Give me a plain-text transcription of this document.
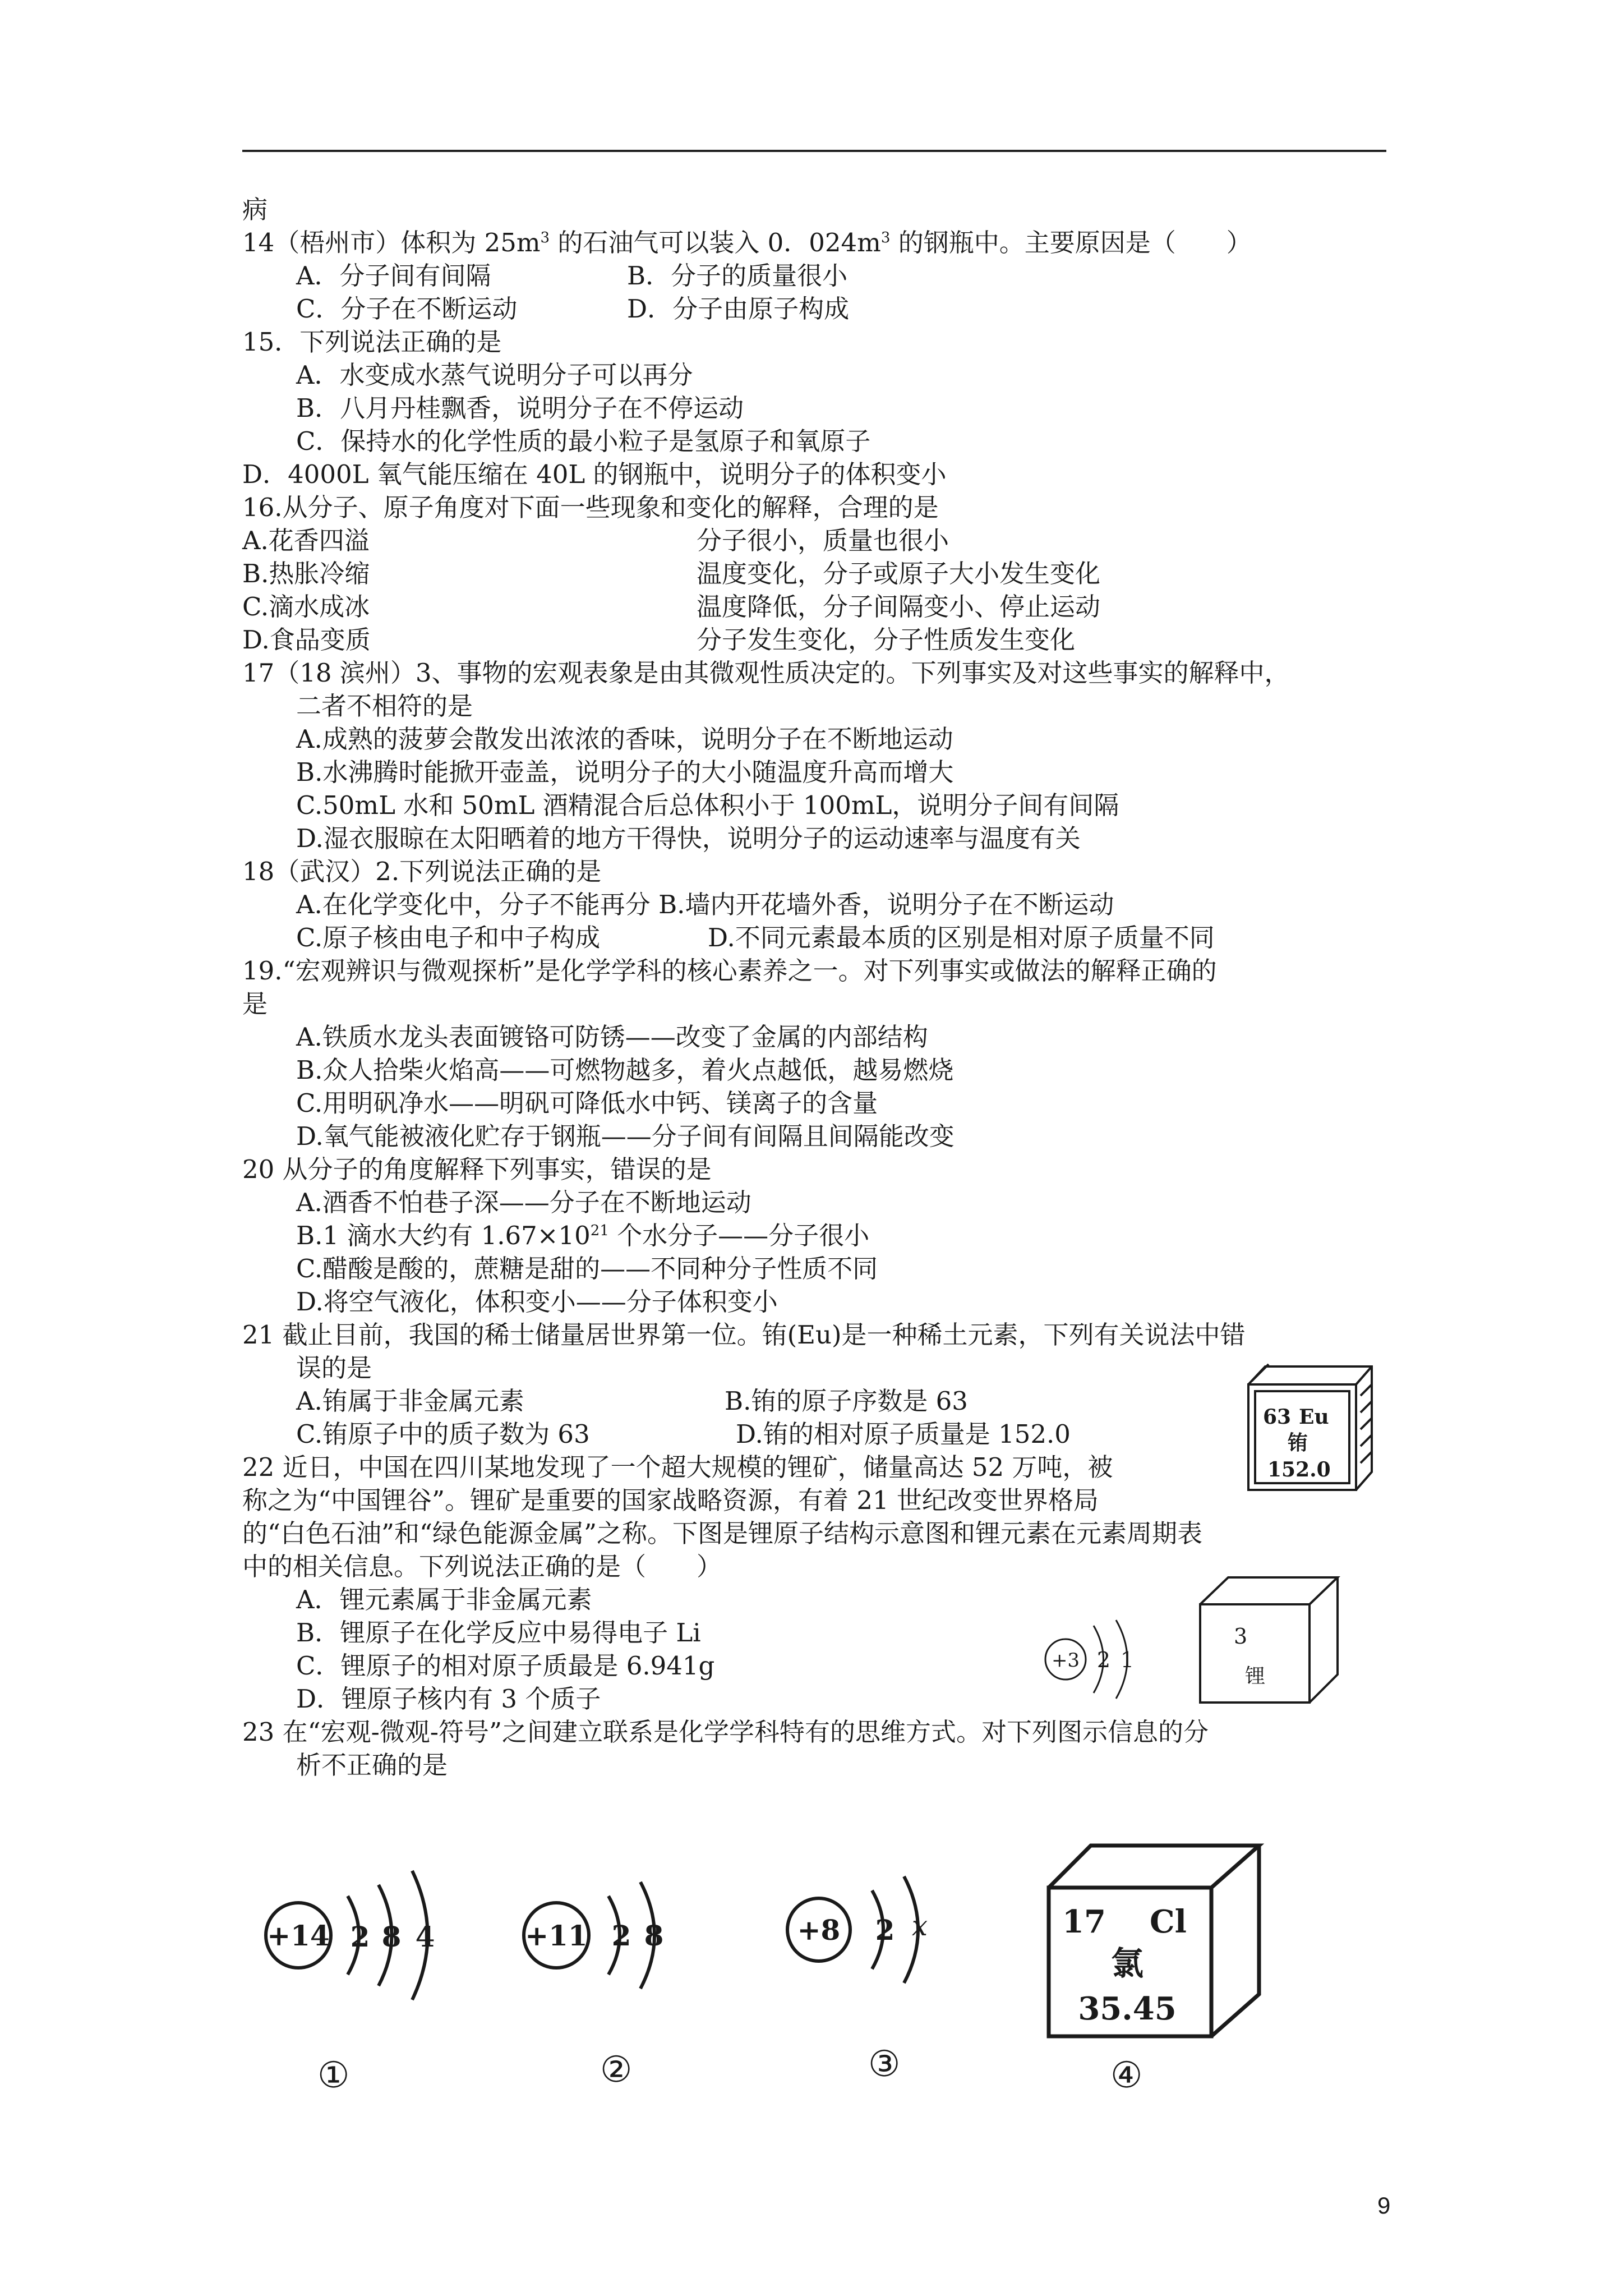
病
14（梧州市）体积为 $25m^3$ 的石油气可以装入 0．$024m^3$ 的钢瓶中。主要原因是（　　）
A．分子间有间隔	B．分子的质量很小
C．分子在不断运动	D．分子由原子构成
15．下列说法正确的是
A．水变成水蒸气说明分子可以再分
B．八月丹桂飘香，说明分子在不停运动
C．保持水的化学性质的最小粒子是氢原子和氧原子
D．4000L 氧气能压缩在 40L 的钢瓶中，说明分子的体积变小
16.从分子、原子角度对下面一些现象和变化的解释，合理的是
A.花香四溢	分子很小，质量也很小
B.热胀冷缩	温度变化，分子或原子大小发生变化
C.滴水成冰	温度降低，分子间隔变小、停止运动
D.食品变质	分子发生变化，分子性质发生变化
17（18 滨州）3、事物的宏观表象是由其微观性质决定的。下列事实及对这些事实的解释中，
二者不相符的是
A.成熟的菠萝会散发出浓浓的香味，说明分子在不断地运动
B.水沸腾时能掀开壶盖，说明分子的大小随温度升高而增大
C.50mL 水和 50mL 酒精混合后总体积小于 100mL，说明分子间有间隔
D.湿衣服晾在太阳晒着的地方干得快，说明分子的运动速率与温度有关
18（武汉）2.下列说法正确的是
A.在化学变化中，分子不能再分 B.墙内开花墙外香，说明分子在不断运动
C.原子核由电子和中子构成	D.不同元素最本质的区别是相对原子质量不同
19.“宏观辨识与微观探析”是化学学科的核心素养之一。对下列事实或做法的解释正确的
是
A.铁质水龙头表面镀铬可防锈——改变了金属的内部结构
B.众人拾柴火焰高——可燃物越多，着火点越低，越易燃烧
C.用明矾净水——明矾可降低水中钙、镁离子的含量
D.氧气能被液化贮存于钢瓶——分子间有间隔且间隔能改变
20 从分子的角度解释下列事实，错误的是
A.酒香不怕巷子深——分子在不断地运动
B.1 滴水大约有 $1.67\times 10^{21}$ 个水分子——分子很小
C.醋酸是酸的，蔗糖是甜的——不同种分子性质不同
D.将空气液化，体积变小——分子体积变小
21 截止目前，我国的稀士储量居世界第一位。铕(Eu)是一种稀土元素，下列有关说法中错
误的是
A.铕属于非金属元素	B.铕的原子序数是 63
C.铕原子中的质子数为 63	D.铕的相对原子质量是 152.0
22 近日，中国在四川某地发现了一个超大规模的锂矿，储量高达 52 万吨，被
称之为“中国锂谷”。锂矿是重要的国家战略资源，有着 21 世纪改变世界格局
的“白色石油”和“绿色能源金属”之称。下图是锂原子结构示意图和锂元素在元素周期表
中的相关信息。下列说法正确的是（　　）
A．锂元素属于非金属元素
B．锂原子在化学反应中易得电子 Li
C．锂原子的相对原子质最是 6.941g
D．锂原子核内有 3 个质子
23 在“宏观-微观-符号”之间建立联系是化学学科特有的思维方式。对下列图示信息的分
析不正确的是
63 Eu
铕
152.0
+3 2 1
3
锂
+14 2 8 4
①
+11 2 8
②
+8 2 x
③
17 Cl
氯
35.45
④
9
